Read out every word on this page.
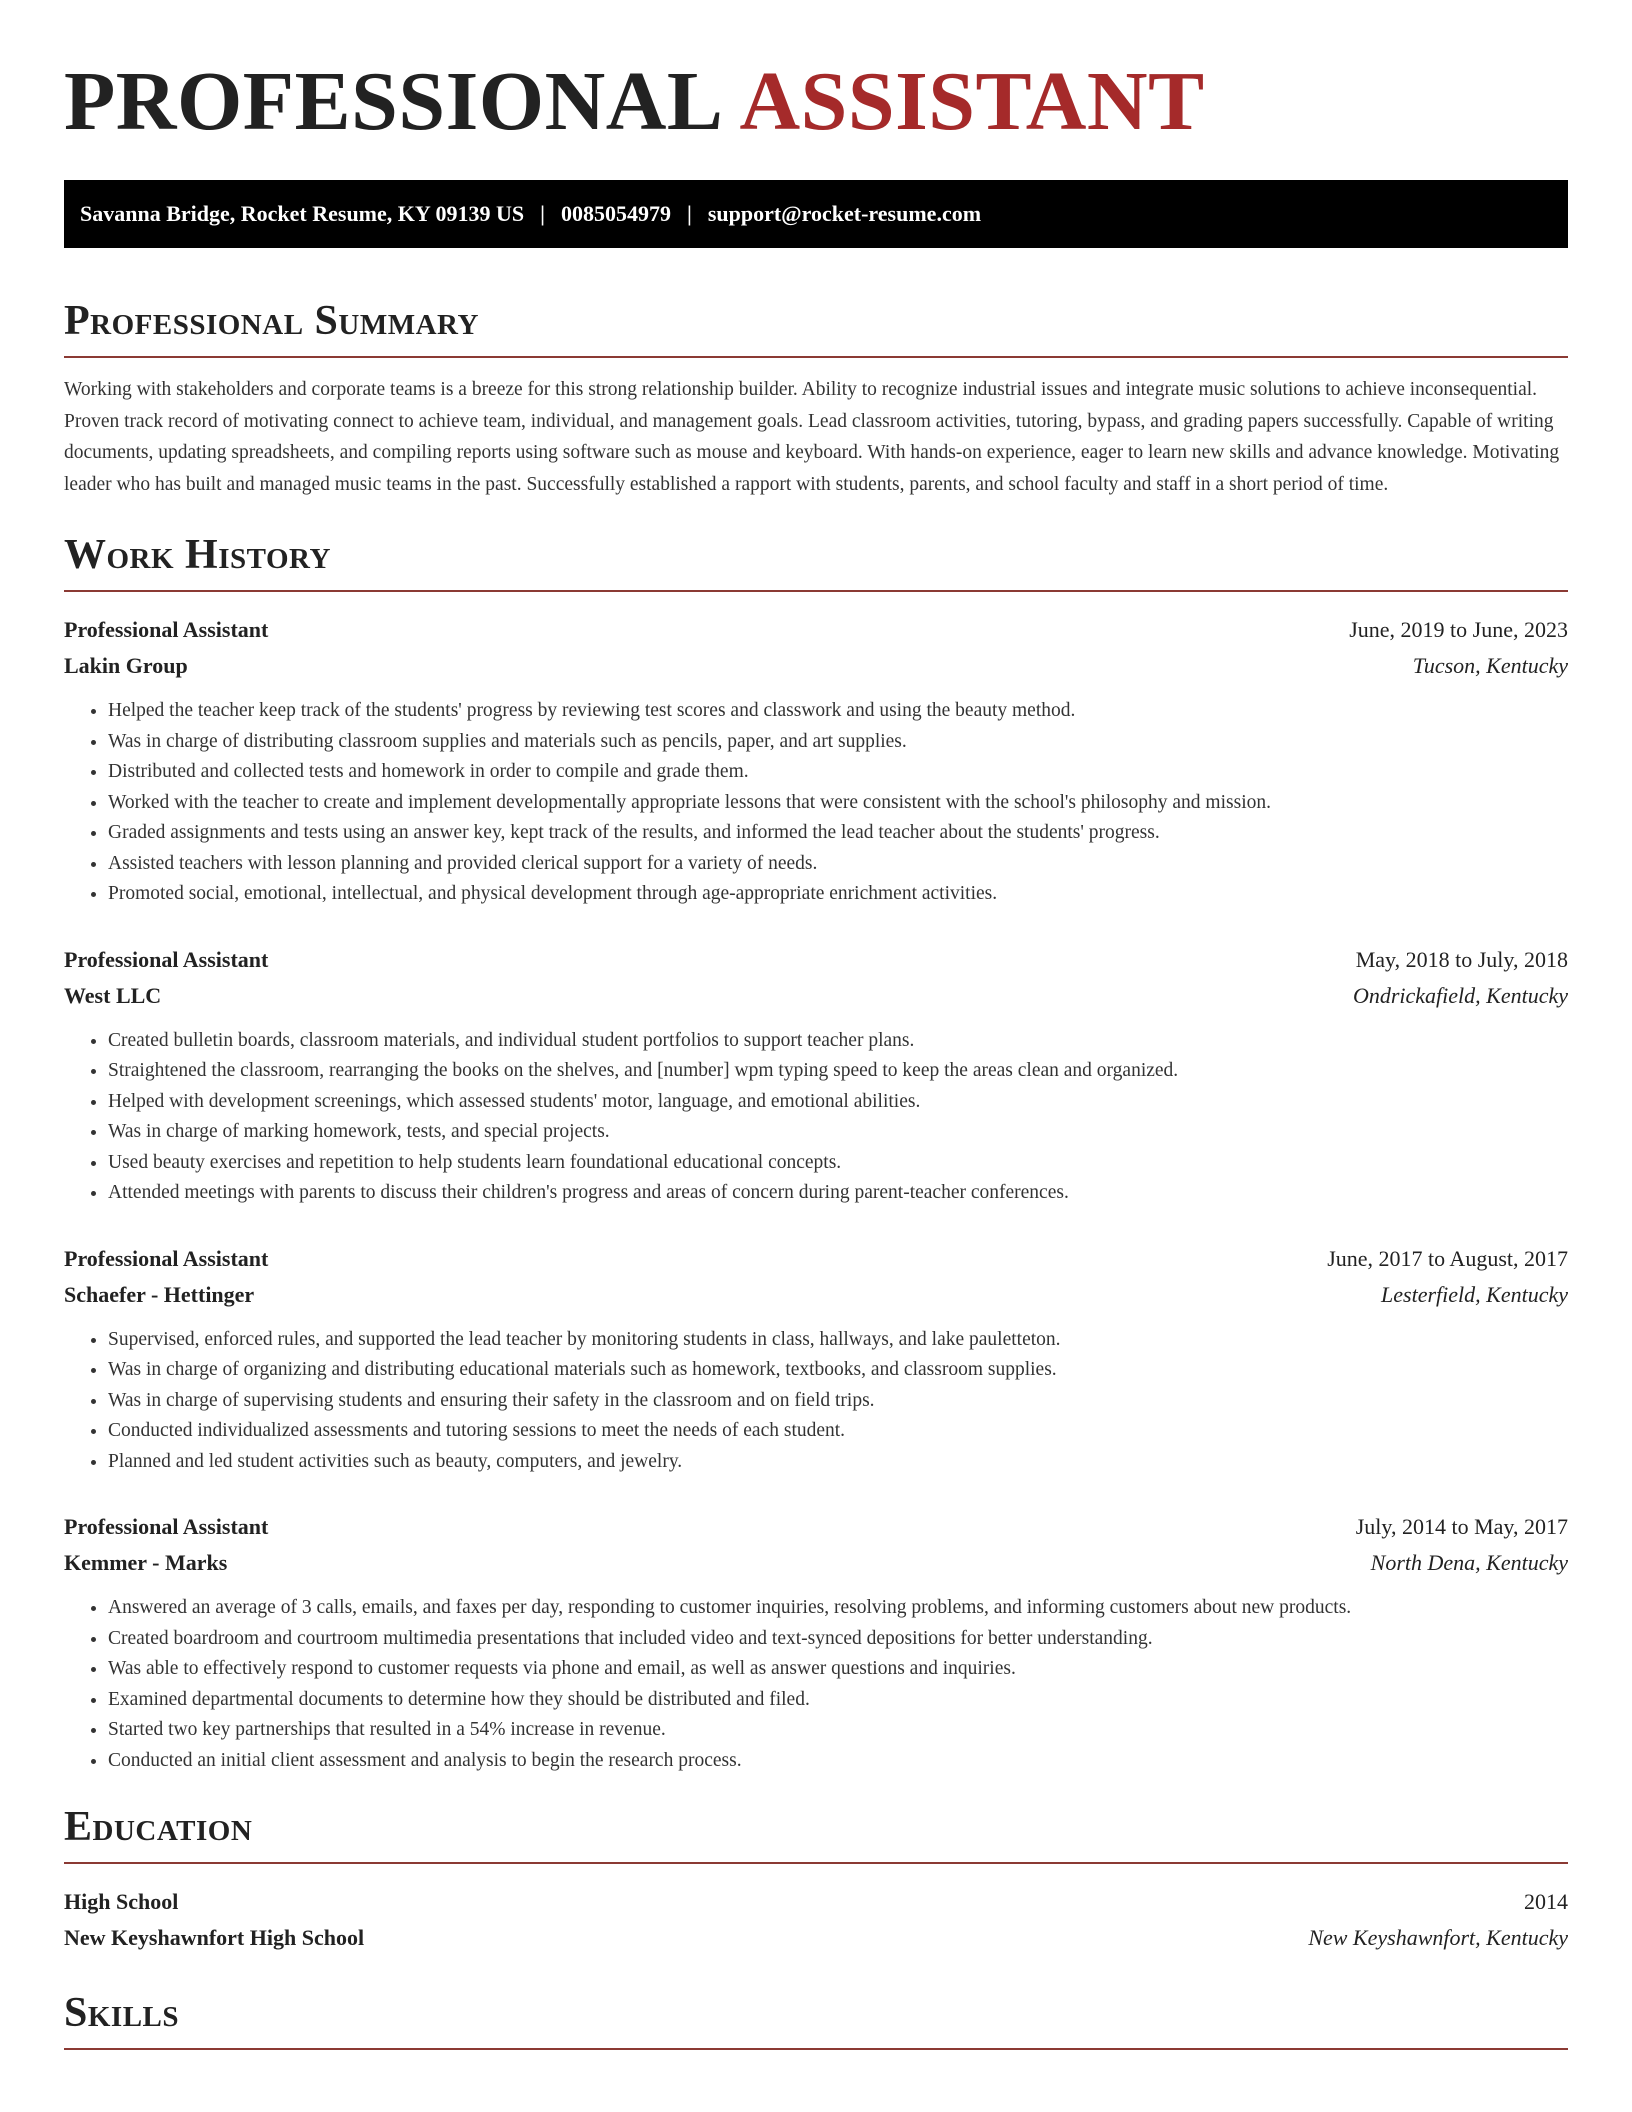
PROFESSIONAL ASSISTANT
Savanna Bridge, Rocket Resume, KY 09139 US | 0085054979 | support@rocket-resume.com
Professional Summary

Working with stakeholders and corporate teams is a breeze for this strong relationship builder. Ability to recognize industrial issues and integrate music solutions to achieve inconsequential. Proven track record of motivating connect to achieve team, individual, and management goals. Lead classroom activities, tutoring, bypass, and grading papers successfully. Capable of writing documents, updating spreadsheets, and compiling reports using software such as mouse and keyboard. With hands-on experience, eager to learn new skills and advance knowledge. Motivating leader who has built and managed music teams in the past. Successfully established a rapport with students, parents, and school faculty and staff in a short period of time.

Work History
Professional Assistant	June, 2019 to June, 2023
Lakin Group	Tucson, Kentucky
• Helped the teacher keep track of the students' progress by reviewing test scores and classwork and using the beauty method.
• Was in charge of distributing classroom supplies and materials such as pencils, paper, and art supplies.
• Distributed and collected tests and homework in order to compile and grade them.
• Worked with the teacher to create and implement developmentally appropriate lessons that were consistent with the school's philosophy and mission.
• Graded assignments and tests using an answer key, kept track of the results, and informed the lead teacher about the students' progress.
• Assisted teachers with lesson planning and provided clerical support for a variety of needs.
• Promoted social, emotional, intellectual, and physical development through age-appropriate enrichment activities.
Professional Assistant	May, 2018 to July, 2018
West LLC	Ondrickafield, Kentucky
• Created bulletin boards, classroom materials, and individual student portfolios to support teacher plans.
• Straightened the classroom, rearranging the books on the shelves, and [number] wpm typing speed to keep the areas clean and organized.
• Helped with development screenings, which assessed students' motor, language, and emotional abilities.
• Was in charge of marking homework, tests, and special projects.
• Used beauty exercises and repetition to help students learn foundational educational concepts.
• Attended meetings with parents to discuss their children's progress and areas of concern during parent-teacher conferences.
Professional Assistant	June, 2017 to August, 2017
Schaefer - Hettinger	Lesterfield, Kentucky
• Supervised, enforced rules, and supported the lead teacher by monitoring students in class, hallways, and lake pauletteton.
• Was in charge of organizing and distributing educational materials such as homework, textbooks, and classroom supplies.
• Was in charge of supervising students and ensuring their safety in the classroom and on field trips.
• Conducted individualized assessments and tutoring sessions to meet the needs of each student.
• Planned and led student activities such as beauty, computers, and jewelry.
Professional Assistant	July, 2014 to May, 2017
Kemmer - Marks	North Dena, Kentucky
• Answered an average of 3 calls, emails, and faxes per day, responding to customer inquiries, resolving problems, and informing customers about new products.
• Created boardroom and courtroom multimedia presentations that included video and text-synced depositions for better understanding.
• Was able to effectively respond to customer requests via phone and email, as well as answer questions and inquiries.
• Examined departmental documents to determine how they should be distributed and filed.
• Started two key partnerships that resulted in a 54% increase in revenue.
• Conducted an initial client assessment and analysis to begin the research process.
Education
High School	2014
New Keyshawnfort High School	New Keyshawnfort, Kentucky
Skills
